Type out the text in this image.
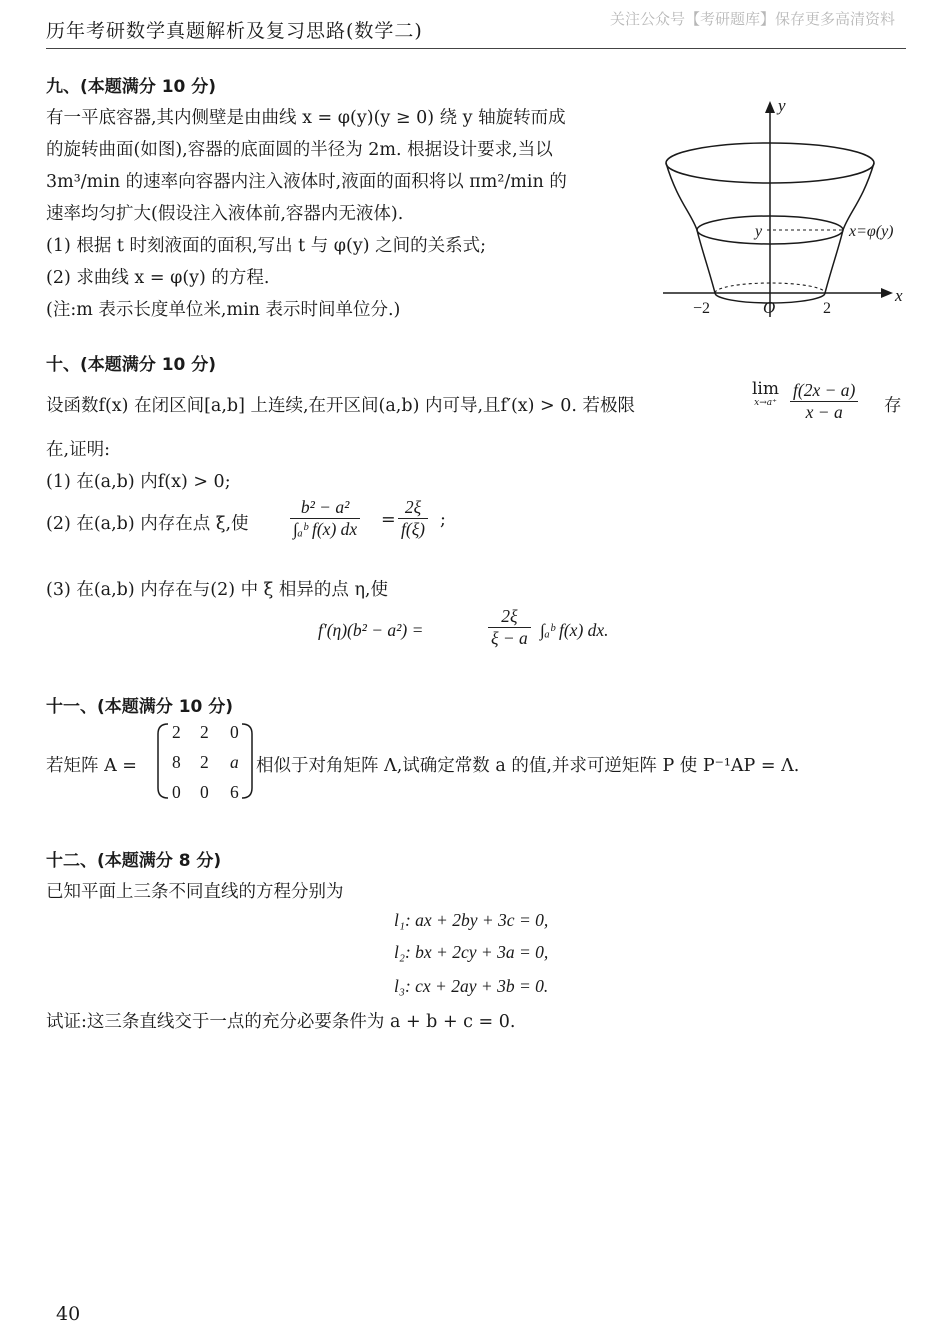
历年考研数学真题解析及复习思路(数学二)
关注公众号【考研题库】保存更多高清资料
九、(本题满分 10 分)
有一平底容器,其内侧壁是由曲线 x = φ(y)(y ≥ 0) 绕 y 轴旋转而成
的旋转曲面(如图),容器的底面圆的半径为 2m. 根据设计要求,当以
3m³/min 的速率向容器内注入液体时,液面的面积将以 πm²/min 的
速率均匀扩大(假设注入液体前,容器内无液体).
(1) 根据 t 时刻液面的面积,写出 t 与 φ(y) 之间的关系式;
(2) 求曲线 x = φ(y) 的方程.
(注:m 表示长度单位米,min 表示时间单位分.)
y
x
y	x=φ(y)
O
−2	2
十、(本题满分 10 分)
设函数f(x) 在闭区间[a,b] 上连续,在开区间(a,b) 内可导,且f′(x) > 0. 若极限
lim
$x\to a^+ \frac{f(2x - a)}{x - a}$ 存
在,证明:
(1) 在(a,b) 内f(x) > 0;
(2) 在(a,b) 内存在点 ξ,使 $\frac{\text{b² − a²}}{\text{∫ₐᵇ f(x) dx}} = \frac{2\xi}{f(\xi)}$ ;
(3) 在(a,b) 内存在与(2) 中 ξ 相异的点 η,使
f′(η)(b² − a²) =	$\frac{2\xi}{\xi - a}$ ∫ₐᵇ f(x) dx.
十一、(本题满分 10 分)
若矩阵 A =
2 2 0
8 2 a
0 0 6
相似于对角矩阵 Λ,试确定常数 a 的值,并求可逆矩阵 P 使 P⁻¹AP = Λ.
十二、(本题满分 8 分)
已知平面上三条不同直线的方程分别为
l₁: ax + 2by + 3c = 0,
l₂: bx + 2cy + 3a = 0,
l₃: cx + 2ay + 3b = 0.
试证:这三条直线交于一点的充分必要条件为 a + b + c = 0.
40
